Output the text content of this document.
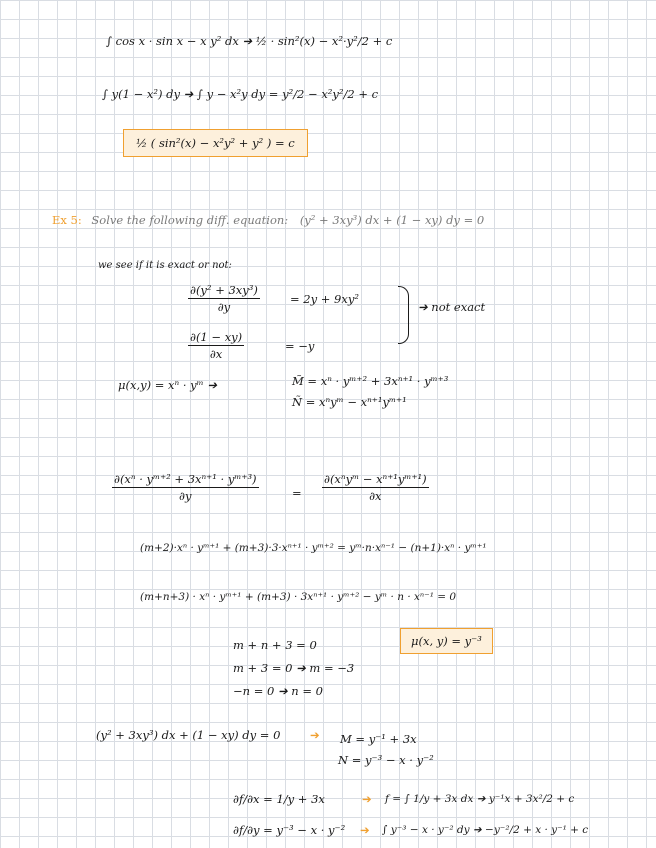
∫ cos x · sin x − x y² dx ➔ ½ · sin²(x) − x²·y²/2 + c
∫ y(1 − x²) dy ➔ ∫ y − x²y dy = y²/2 − x²y²/2 + c
½ ( sin²(x) − x²y² + y² ) = c
Ex 5: Solve the following diff. equation: (y² + 3xy³) dx + (1 − xy) dy = 0
we see if it is exact or not:
$\frac{\text{∂(y² + 3xy³)}}{\partial y}$	= 2y + 9xy²
$\frac{\partial(1 - xy)}{\partial x}$	= −y
➔ not exact
μ(x,y) = xⁿ · yᵐ ➔	M̃ = xⁿ · yᵐ⁺² + 3xⁿ⁺¹ · yᵐ⁺³
Ñ = xⁿyᵐ − xⁿ⁺¹yᵐ⁺¹
$\frac{\text{∂(xⁿ · yᵐ⁺² + 3xⁿ⁺¹ · yᵐ⁺³)}}{\partial y}$	=
∂(xⁿyᵐ − xⁿ⁺¹yᵐ⁺¹)
∂x
(m+2)·xⁿ · yᵐ⁺¹ + (m+3)·3·xⁿ⁺¹ · yᵐ⁺² = yᵐ·n·xⁿ⁻¹ − (n+1)·xⁿ · yᵐ⁺¹
(m+n+3) · xⁿ · yᵐ⁺¹ + (m+3) · 3xⁿ⁺¹ · yᵐ⁺² − yᵐ · n · xⁿ⁻¹ = 0
m + n + 3 = 0
m + 3 = 0 ➔ m = −3
−n = 0 ➔ n = 0
μ(x, y) = y⁻³
(y² + 3xy³) dx + (1 − xy) dy = 0	➔ M = y⁻¹ + 3x
N = y⁻³ − x · y⁻²
∂f/∂x = 1/y + 3x	➔ f = ∫ 1/y + 3x dx ➔ y⁻¹x + 3x²/2 + c
∂f/∂y = y⁻³ − x · y⁻² ➔ ∫ y⁻³ − x · y⁻² dy ➔ −y⁻²/2 + x · y⁻¹ + c
